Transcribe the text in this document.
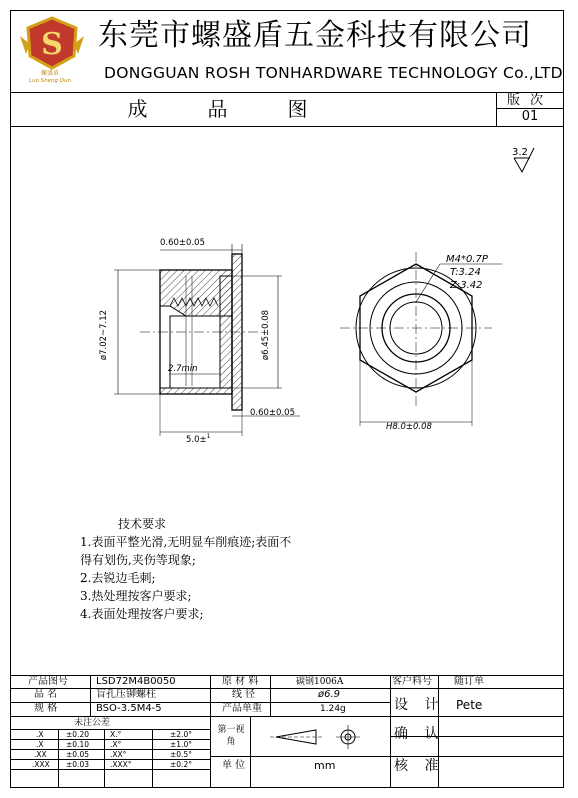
S
螺盛盾
Luo Sheng Dun
东莞市螺盛盾五金科技有限公司
DONGGUAN ROSH TONHARDWARE TECHNOLOGY Co.,LTD
成品图	版次
01
3.2
0.60±0.05
ø7.02~7.12
2.7min
5.0±$^1$
0.60±0.05
ø6.45±0.08
M4*0.7P
T:3.24
Z:3.42
H8.0±0.08
技术要求
1.表面平整光滑,无明显车削痕迹;表面不
得有划伤,夹伤等现象;
2.去锐边毛刺;
3.热处理按客户要求;
4.表面处理按客户要求;
产品图号	LSD72M4B0050	原 材 料	碳钢1006A	客户料号 随订单
品 名	盲孔压铆螺柱	线 径	ø6.9
规 格	BSO-3.5M4-5	产品单重	1.24g	设 计 Pete
未注公差
.X	±0.20	X.°	±2.0°
.X	±0.10	.X°	±1.0°
.XX	±0.05	.XX°	±0.5°
.XXX ±0.03	.XXX°	±0.2°
第一视角
单 位	mm
确 认
核 准
